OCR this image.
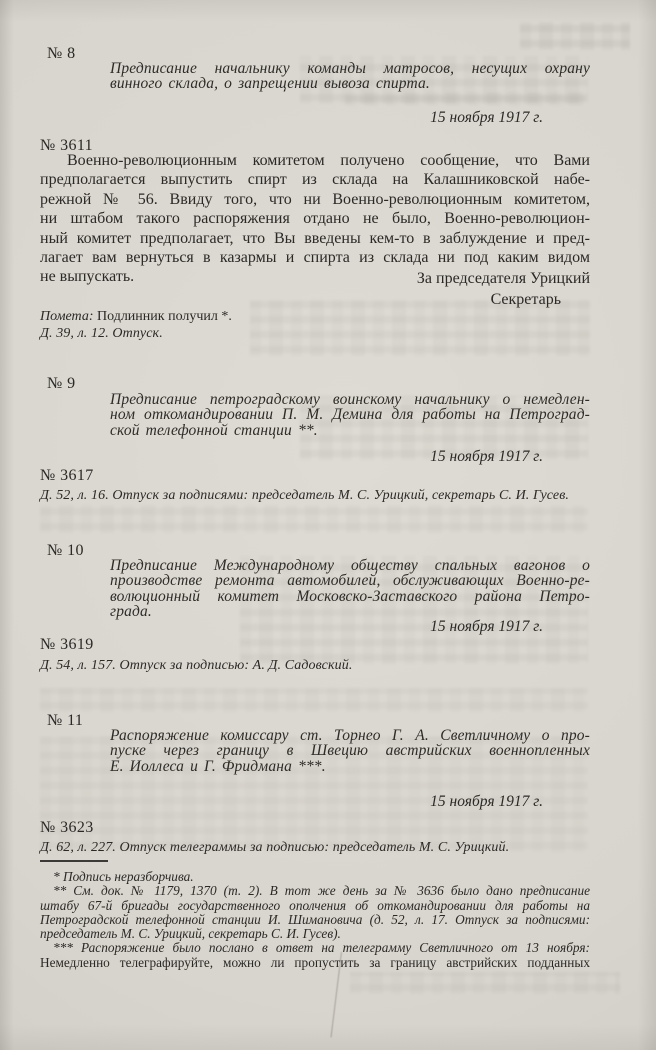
№ 8
Предписание начальнику команды матросов, несущих охрану
винного склада, о запрещении вывоза спирта.
15 ноября 1917 г.
№ 3611
Военно-революционным комитетом получено сообщение, что Вами
предполагается выпустить спирт из склада на Калашниковской набе-
режной № 56. Ввиду того, что ни Военно-революционным комитетом,
ни штабом такого распоряжения отдано не было, Военно-революцион-
ный комитет предполагает, что Вы введены кем-то в заблуждение и пред-
лагает вам вернуться в казармы и спирта из склада ни под каким видом
не выпускать.	За председателя Урицкий
Секретарь
Помета: Подлинник получил *.
Д. 39, л. 12. Отпуск.
№ 9
Предписание петроградскому воинскому начальнику о немедлен-
ном откомандировании П. М. Демина для работы на Петроград-
ской телефонной станции **.
15 ноября 1917 г.
№ 3617
Д. 52, л. 16. Отпуск за подписями: председатель М. С. Урицкий, секретарь С. И. Гусев.
№ 10
Предписание Международному обществу спальных вагонов о
производстве ремонта автомобилей, обслуживающих Военно-ре-
волюционный комитет Московско-Заставского района Петро-
града.
15 ноября 1917 г.
№ 3619
Д. 54, л. 157. Отпуск за подписью: А. Д. Садовский.
№ 11
Распоряжение комиссару ст. Торнео Г. А. Светличному о про-
пуске через границу в Швецию австрийских военнопленных
Е. Иоллеса и Г. Фридмана ***.
15 ноября 1917 г.
№ 3623
Д. 62, л. 227. Отпуск телеграммы за подписью: председатель М. С. Урицкий.
* Подпись неразборчива.
** См. док. № 1179, 1370 (т. 2). В тот же день за № 3636 было дано предписание
штабу 67-й бригады государственного ополчения об откомандировании для работы на
Петроградской телефонной станции И. Шимановича (д. 52, л. 17. Отпуск за подписями:
председатель М. С. Урицкий, секретарь С. И. Гусев).
*** Распоряжение было послано в ответ на телеграмму Светличного от 13 ноября:
Немедленно телеграфируйте, можно ли пропустить за границу австрийских подданных
